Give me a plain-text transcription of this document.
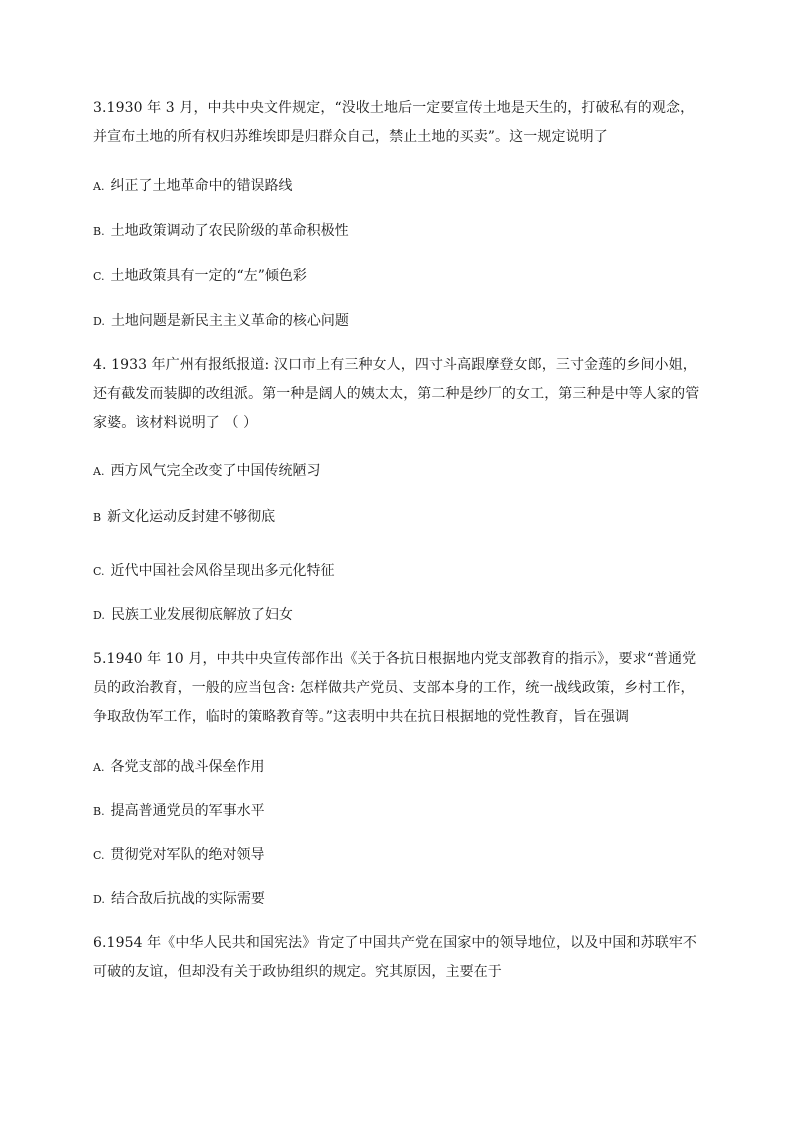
3.1930 年 3 月，中共中央文件规定，“没收土地后一定要宣传土地是天生的，打破私有的观念，并宣布土地的所有权归苏维埃即是归群众自己，禁止土地的买卖”。这一规定说明了
A. 纠正了土地革命中的错误路线
B. 土地政策调动了农民阶级的革命积极性
C. 土地政策具有一定的“左”倾色彩
D. 土地问题是新民主主义革命的核心问题
4. 1933 年广州有报纸报道: 汉口市上有三种女人，四寸斗高跟摩登女郎，三寸金莲的乡间小姐，还有截发而装脚的改组派。第一种是阔人的姨太太，第二种是纱厂的女工，第三种是中等人家的管家婆。该材料说明了 （ ）
A. 西方风气完全改变了中国传统陋习
B 新文化运动反封建不够彻底
C. 近代中国社会风俗呈现出多元化特征
D. 民族工业发展彻底解放了妇女
5.1940 年 10 月，中共中央宣传部作出《关于各抗日根据地内党支部教育的指示》，要求“普通党员的政治教育，一般的应当包含: 怎样做共产党员、支部本身的工作，统一战线政策，乡村工作，争取敌伪军工作，临时的策略教育等。”这表明中共在抗日根据地的党性教育，旨在强调
A. 各党支部的战斗保垒作用
B. 提高普通党员的军事水平
C. 贯彻党对军队的绝对领导
D. 结合敌后抗战的实际需要
6.1954 年《中华人民共和国宪法》肯定了中国共产党在国家中的领导地位，以及中国和苏联牢不可破的友谊，但却没有关于政协组织的规定。究其原因，主要在于
